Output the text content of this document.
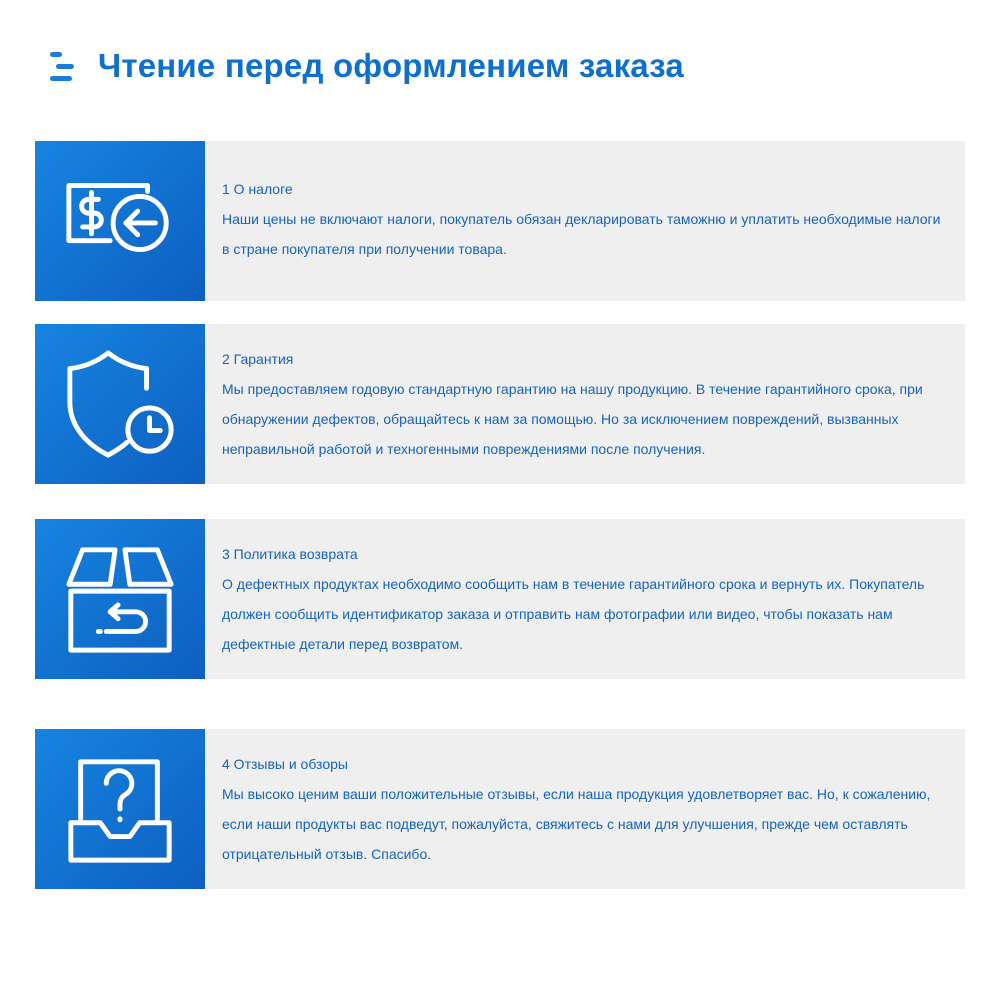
Чтение перед оформлением заказа
1 О налоге
Наши цены не включают налоги, покупатель обязан декларировать таможню и уплатить необходимые налоги в стране покупателя при получении товара.
2 Гарантия
Мы предоставляем годовую стандартную гарантию на нашу продукцию. В течение гарантийного срока, при обнаружении дефектов, обращайтесь к нам за помощью. Но за исключением повреждений, вызванных неправильной работой и техногенными повреждениями после получения.
3 Политика возврата
О дефектных продуктах необходимо сообщить нам в течение гарантийного срока и вернуть их. Покупатель должен сообщить идентификатор заказа и отправить нам фотографии или видео, чтобы показать нам дефектные детали перед возвратом.
4 Отзывы и обзоры
Мы высоко ценим ваши положительные отзывы, если наша продукция удовлетворяет вас. Но, к сожалению, если наши продукты вас подведут, пожалуйста, свяжитесь с нами для улучшения, прежде чем оставлять отрицательный отзыв. Спасибо.
